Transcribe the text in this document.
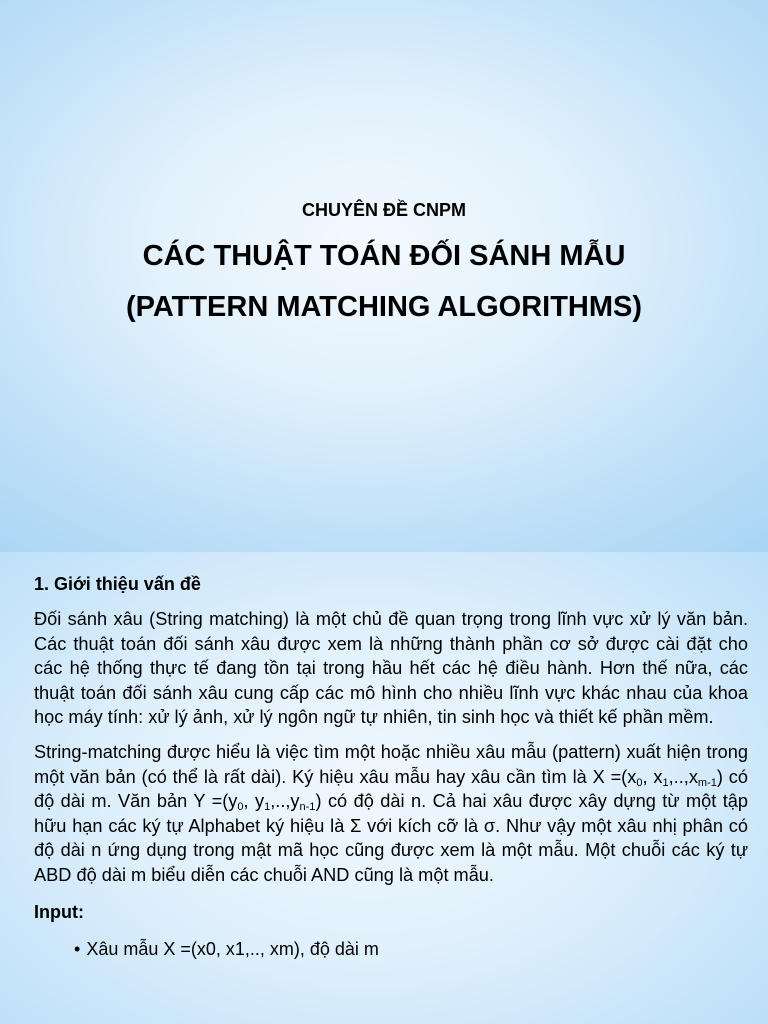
CHUYÊN ĐỀ CNPM
CÁC THUẬT TOÁN ĐỐI SÁNH MẪU
(PATTERN MATCHING ALGORITHMS)
1. Giới thiệu vấn đề

Đối sánh xâu (String matching) là một chủ đề quan trọng trong lĩnh vực xử lý văn bản. Các thuật toán đối sánh xâu được xem là những thành phần cơ sở được cài đặt cho các hệ thống thực tế đang tồn tại trong hầu hết các hệ điều hành. Hơn thế nữa, các thuật toán đối sánh xâu cung cấp các mô hình cho nhiều lĩnh vực khác nhau của khoa học máy tính: xử lý ảnh, xử lý ngôn ngữ tự nhiên, tin sinh học và thiết kế phần mềm.

String-matching được hiểu là việc tìm một hoặc nhiều xâu mẫu (pattern) xuất hiện trong một văn bản (có thể là rất dài). Ký hiệu xâu mẫu hay xâu cần tìm là $X =(x_0$, $x_1,..,x_{m-1}$) có độ dài m. Văn bản $Y =(y_0$, $y_1,..,y_{n-1}$) có độ dài n. Cả hai xâu được xây dựng từ một tập hữu hạn các ký tự Alphabet ký hiệu là Σ với kích cỡ là σ. Như vậy một xâu nhị phân có độ dài n ứng dụng trong mật mã học cũng được xem là một mẫu. Một chuỗi các ký tự ABD độ dài m biểu diễn các chuỗi AND cũng là một mẫu.

Input:
• Xâu mẫu X =(x0, x1,.., xm), độ dài m
